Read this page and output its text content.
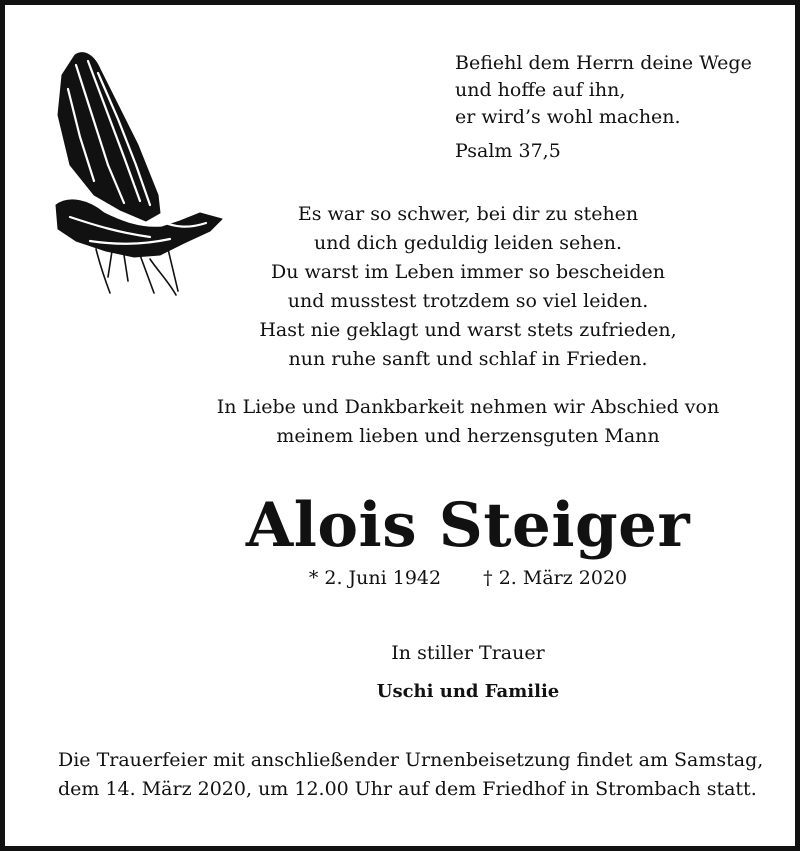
Befiehl dem Herrn deine Wege
und hoffe auf ihn,
er wird’s wohl machen.
Psalm 37,5
Es war so schwer, bei dir zu stehen
und dich geduldig leiden sehen.
Du warst im Leben immer so bescheiden
und musstest trotzdem so viel leiden.
Hast nie geklagt und warst stets zufrieden,
nun ruhe sanft und schlaf in Frieden.
In Liebe und Dankbarkeit nehmen wir Abschied von
meinem lieben und herzensguten Mann
Alois Steiger
* 2. Juni 1942 † 2. März 2020
In stiller Trauer
Uschi und Familie
Die Trauerfeier mit anschließender Urnenbeisetzung findet am Samstag,
dem 14. März 2020, um 12.00 Uhr auf dem Friedhof in Strombach statt.
